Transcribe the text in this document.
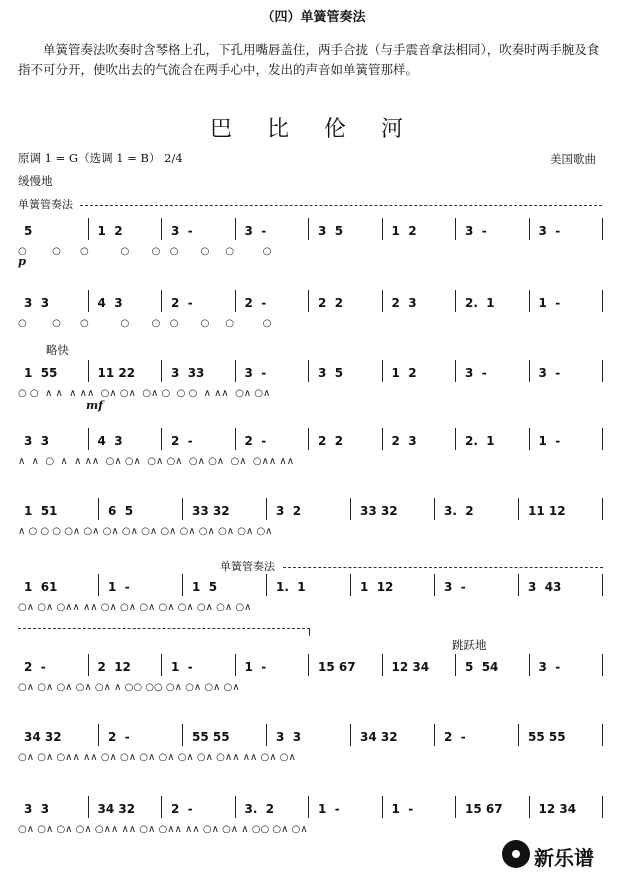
（四）单簧管奏法
单簧管奏法吹奏时含琴格上孔，下孔用嘴唇盖住，两手合拢（与手震音拿法相同），吹奏时两手腕及食指不可分开，使吹出去的气流合在两手心中，发出的声音如单簧管那样。
巴 比 伦 河
原调 1 = G（选调 1 = B） 2/4	美国歌曲
缓慢地
单簧管奏法
单簧管奏法
p
略快
mf
跳跃地
5	1  2	3  -	3  -	3  5	1  2	3  -	3  -
○        ○      ○          ○       ○   ○       ○     ○         ○
3  3	4  3	2  -	2  -	2  2	2  3	2.  1	1  -
○        ○      ○          ○       ○   ○       ○     ○         ○
1  55	11 22	3  33	3  -	3  5	1  2	3  -	3  -
○ ○  ∧ ∧  ∧ ∧∧  ○∧ ○∧  ○∧ ○  ○ ○  ∧ ∧∧  ○∧ ○∧
3  3	4  3	2  -	2  -	2  2	2  3	2.  1	1  -
∧  ∧  ○  ∧  ∧ ∧∧  ○∧ ○∧  ○∧ ○∧  ○∧ ○∧  ○∧  ○∧∧ ∧∧
1  51	6  5	33 32	3  2	33 32	3.  2	11 12
∧ ○ ○ ○ ○∧ ○∧ ○∧ ○∧ ○∧ ○∧ ○∧ ○∧ ○∧ ○∧ ○∧
1  61	1  -	1  5	1.  1	1  12	3  -	3  43
○∧ ○∧ ○∧∧ ∧∧ ○∧ ○∧ ○∧ ○∧ ○∧ ○∧ ○∧ ○∧
2  -	2  12	1  -	1  -	15 67	12 34	5  54	3  -
○∧ ○∧ ○∧ ○∧ ○∧ ∧ ○○ ○○ ○∧ ○∧ ○∧ ○∧
34 32	2  -	55 55	3  3	34 32	2  -	55 55
○∧ ○∧ ○∧∧ ∧∧ ○∧ ○∧ ○∧ ○∧ ○∧ ○∧ ○∧∧ ∧∧ ○∧ ○∧
3  3	34 32	2  -	3.  2	1  -	1  -	15 67	12 34
○∧ ○∧ ○∧ ○∧ ○∧∧ ∧∧ ○∧ ○∧∧ ∧∧ ○∧ ○∧ ∧ ○○ ○∧ ○∧
新乐谱
